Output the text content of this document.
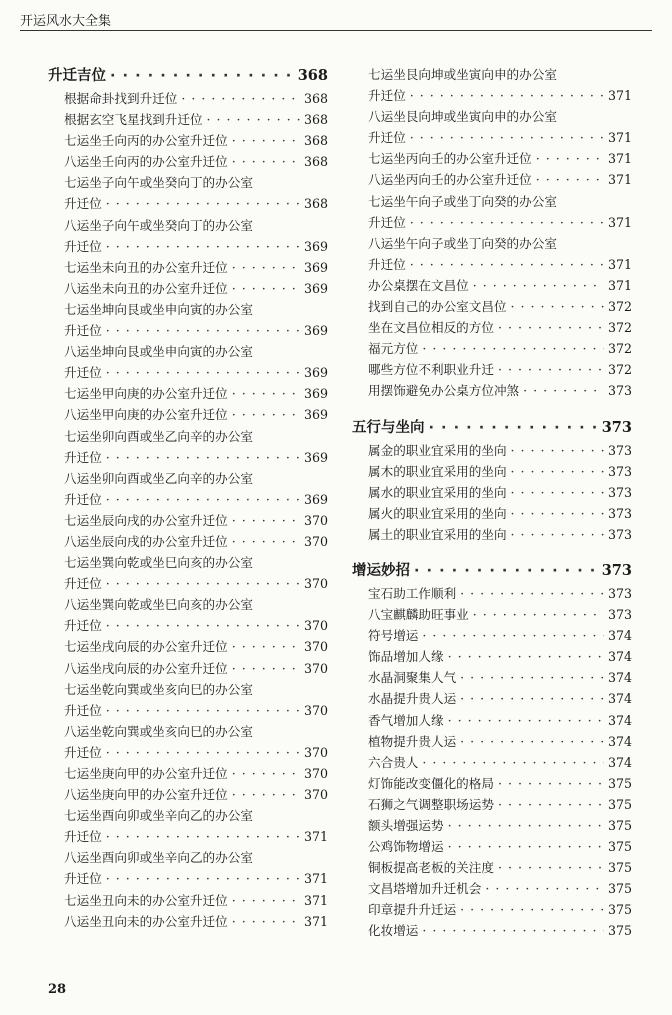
开运风水大全集
升迁吉位 · · ·	368
根据命卦找到升迁位 · · ·	368
根据玄空飞星找到升迁位 · · ·	368
七运坐壬向丙的办公室升迁位 · · ·	368
八运坐壬向丙的办公室升迁位 · · ·	368
七运坐子向午或坐癸向丁的办公室
升迁位 · · ·	368
八运坐子向午或坐癸向丁的办公室
升迁位 · · ·	369
七运坐未向丑的办公室升迁位 · · ·	369
八运坐未向丑的办公室升迁位 · · ·	369
七运坐坤向艮或坐申向寅的办公室
升迁位 · · ·	369
八运坐坤向艮或坐申向寅的办公室
升迁位 · · ·	369
七运坐甲向庚的办公室升迁位 · · ·	369
八运坐甲向庚的办公室升迁位 · · ·	369
七运坐卯向酉或坐乙向辛的办公室
升迁位 · · ·	369
八运坐卯向酉或坐乙向辛的办公室
升迁位 · · ·	369
七运坐辰向戌的办公室升迁位 · · ·	370
八运坐辰向戌的办公室升迁位 · · ·	370
七运坐巽向乾或坐巳向亥的办公室
升迁位 · · ·	370
八运坐巽向乾或坐巳向亥的办公室
升迁位 · · ·	370
七运坐戌向辰的办公室升迁位 · · ·	370
八运坐戌向辰的办公室升迁位 · · ·	370
七运坐乾向巽或坐亥向巳的办公室
升迁位 · · ·	370
八运坐乾向巽或坐亥向巳的办公室
升迁位 · · ·	370
七运坐庚向甲的办公室升迁位 · · ·	370
八运坐庚向甲的办公室升迁位 · · ·	370
七运坐酉向卯或坐辛向乙的办公室
升迁位 · · ·	371
八运坐酉向卯或坐辛向乙的办公室
升迁位 · · ·	371
七运坐丑向未的办公室升迁位 · · ·	371
八运坐丑向未的办公室升迁位 · · ·	371
七运坐艮向坤或坐寅向申的办公室
升迁位 · · ·	371
八运坐艮向坤或坐寅向申的办公室
升迁位 · · ·	371
七运坐丙向壬的办公室升迁位 · · ·	371
八运坐丙向壬的办公室升迁位 · · ·	371
七运坐午向子或坐丁向癸的办公室
升迁位 · · ·	371
八运坐午向子或坐丁向癸的办公室
升迁位 · · ·	371
办公桌摆在文昌位 · · ·	371
找到自己的办公室文昌位 · · ·	372
坐在文昌位相反的方位 · · ·	372
福元方位 · · ·	372
哪些方位不利职业升迁 · · ·	372
用摆饰避免办公桌方位冲煞 · · ·	373
五行与坐向 · · ·	373
属金的职业宜采用的坐向 · · ·	373
属木的职业宜采用的坐向 · · ·	373
属水的职业宜采用的坐向 · · ·	373
属火的职业宜采用的坐向 · · ·	373
属土的职业宜采用的坐向 · · ·	373
增运妙招 · · ·	373
宝石助工作顺利 · · ·	373
八宝麒麟助旺事业 · · ·	373
符号增运 · · ·	374
饰品增加人缘 · · ·	374
水晶洞聚集人气 · · ·	374
水晶提升贵人运 · · ·	374
香气增加人缘 · · ·	374
植物提升贵人运 · · ·	374
六合贵人 · · ·	374
灯饰能改变僵化的格局 · · ·	375
石狮之气调整职场运势 · · ·	375
额头增强运势 · · ·	375
公鸡饰物增运 · · ·	375
铜板提高老板的关注度 · · ·	375
文昌塔增加升迁机会 · · ·	375
印章提升升迁运 · · ·	375
化妆增运 · · ·	375
28
